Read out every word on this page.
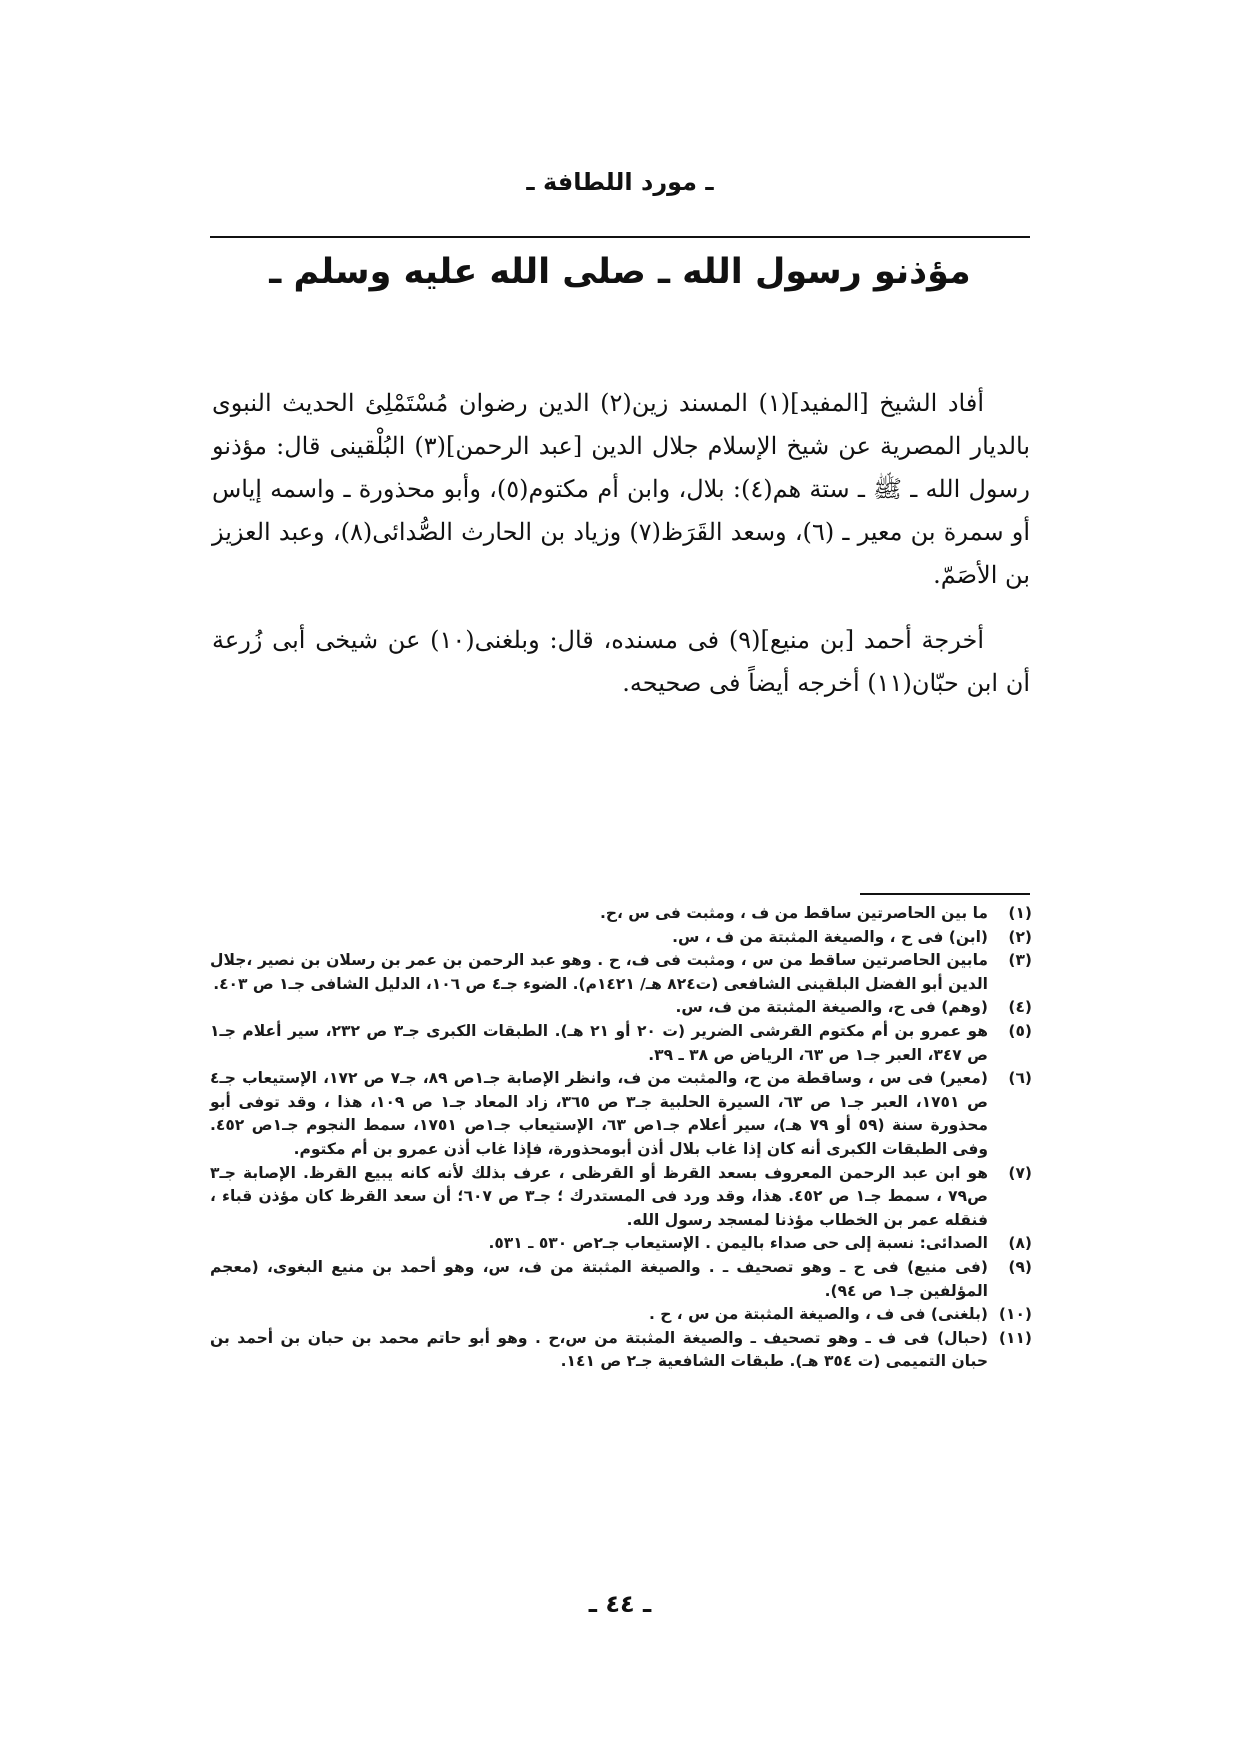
ـ مورد اللطافة ـ
مؤذنو رسول الله ـ صلى الله عليه وسلم ـ

أفاد الشيخ [المفيد](١) المسند زين(٢) الدين رضوان مُسْتَمْلِئ الحديث النبوى بالديار المصرية عن شيخ الإسلام جلال الدين [عبد الرحمن](٣) البُلْقينى قال: مؤذنو رسول الله ـ ﷺ ـ ستة هم(٤): بلال، وابن أم مكتوم(٥)، وأبو محذورة ـ واسمه إياس أو سمرة بن معير ـ (٦)، وسعد القَرَظ(٧) وزياد بن الحارث الصُّدائى(٨)، وعبد العزيز بن الأصَمّ.

أخرجة أحمد [بن منيع](٩) فى مسنده، قال: وبلغنى(١٠) عن شيخى أبى زُرعة أن ابن حبّان(١١) أخرجه أيضاً فى صحيحه.

(١)
ما بين الحاصرتين ساقط من ف ، ومثبت فى س ،ح.
(٢)
(ابن) فى ح ، والصيغة المثبتة من ف ، س.
(٣)
مابين الحاصرتين ساقط من س ، ومثبت فى ف، ح . وهو عبد الرحمن بن عمر بن رسلان بن نصير ،جلال الدين أبو الفضل البلقينى الشافعى (ت٨٢٤ هـ/ ١٤٢١م). الضوء جـ٤ ص ١٠٦، الدليل الشافى جـ١ ص ٤٠٣.
(٤)
(وهم) فى ح، والصيغة المثبتة من ف، س.
(٥)
هو عمرو بن أم مكتوم القرشى الضرير (ت ٢٠ أو ٢١ هـ). الطبقات الكبرى جـ٣ ص ٢٣٢، سير أعلام جـ١ ص ٣٤٧، العبر جـ١ ص ٦٣، الرياض ص ٣٨ ـ ٣٩.
(٦)
(معير) فى س ، وساقطة من ح، والمثبت من ف، وانظر الإصابة جـ١ص ٨٩، جـ٧ ص ١٧٢، الإستيعاب جـ٤ ص ١٧٥١، العبر جـ١ ص ٦٣، السيرة الحلبية جـ٣ ص ٣٦٥، زاد المعاد جـ١ ص ١٠٩، هذا ، وقد توفى أبو محذورة سنة (٥٩ أو ٧٩ هـ)، سير أعلام جـ١ص ٦٣، الإستيعاب جـ١ص ١٧٥١، سمط النجوم جـ١ص ٤٥٢. وفى الطبقات الكبرى أنه كان إذا غاب بلال أذن أبومحذورة، فإذا غاب أذن عمرو بن أم مكتوم.
(٧)
هو ابن عبد الرحمن المعروف بسعد القرظ أو القرظى ، عرف بذلك لأنه كانه يبيع القرظ. الإصابة جـ٣ ص٧٩ ، سمط جـ١ ص ٤٥٢. هذا، وقد ورد فى المستدرك ؛ جـ٣ ص ٦٠٧؛ أن سعد القرظ كان مؤذن قباء ، فنقله عمر بن الخطاب مؤذنا لمسجد رسول الله.
(٨)
الصدائى: نسبة إلى حى صداء باليمن . الإستيعاب جـ٢ص ٥٣٠ ـ ٥٣١.
(٩)
(فى منيع) فى ح ـ وهو تصحيف ـ . والصيغة المثبتة من ف، س، وهو أحمد بن منيع البغوى، (معجم المؤلفين جـ١ ص ٩٤).
(١٠)
(بلغنى) فى ف ، والصيغة المثبتة من س ، ح .
(١١)
(حبال) فى ف ـ وهو تصحيف ـ والصيغة المثبتة من س،ح . وهو أبو حاتم محمد بن حبان بن أحمد بن حبان التميمى (ت ٣٥٤ هـ). طبقات الشافعية جـ٢ ص ١٤١.
ـ ٤٤ ـ
